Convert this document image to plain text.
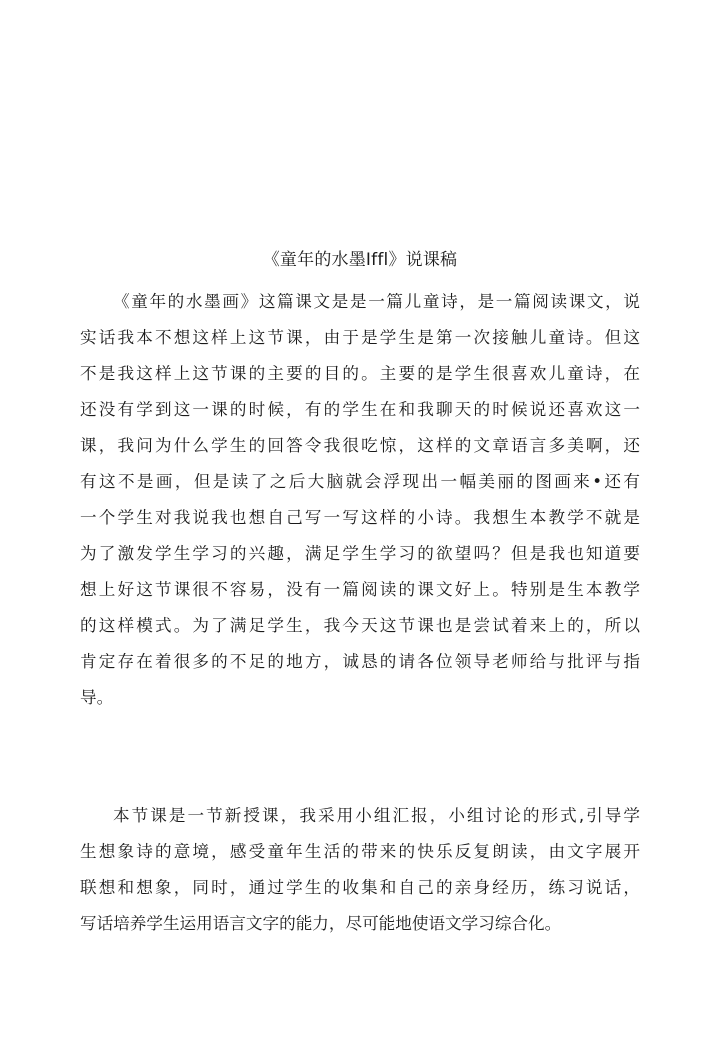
《童年的水墨Iffl》说课稿
《童年的水墨画》这篇课文是是一篇儿童诗，是一篇阅读课文，说
实话我本不想这样上这节课，由于是学生是第一次接触儿童诗。但这
不是我这样上这节课的主要的目的。主要的是学生很喜欢儿童诗，在
还没有学到这一课的时候，有的学生在和我聊天的时候说还喜欢这一
课，我问为什么学生的回答令我很吃惊，这样的文章语言多美啊，还
有这不是画，但是读了之后大脑就会浮现出一幅美丽的图画来•还有
一个学生对我说我也想自己写一写这样的小诗。我想生本教学不就是
为了激发学生学习的兴趣，满足学生学习的欲望吗？但是我也知道要
想上好这节课很不容易，没有一篇阅读的课文好上。特别是生本教学
的这样模式。为了满足学生，我今天这节课也是尝试着来上的，所以
肯定存在着很多的不足的地方，诚恳的请各位领导老师给与批评与指
导。
本节课是一节新授课，我采用小组汇报，小组讨论的形式,引导学
生想象诗的意境，感受童年生活的带来的快乐反复朗读，由文字展开
联想和想象，同时，通过学生的收集和自己的亲身经历，练习说话，
写话培养学生运用语言文字的能力，尽可能地使语文学习综合化。
